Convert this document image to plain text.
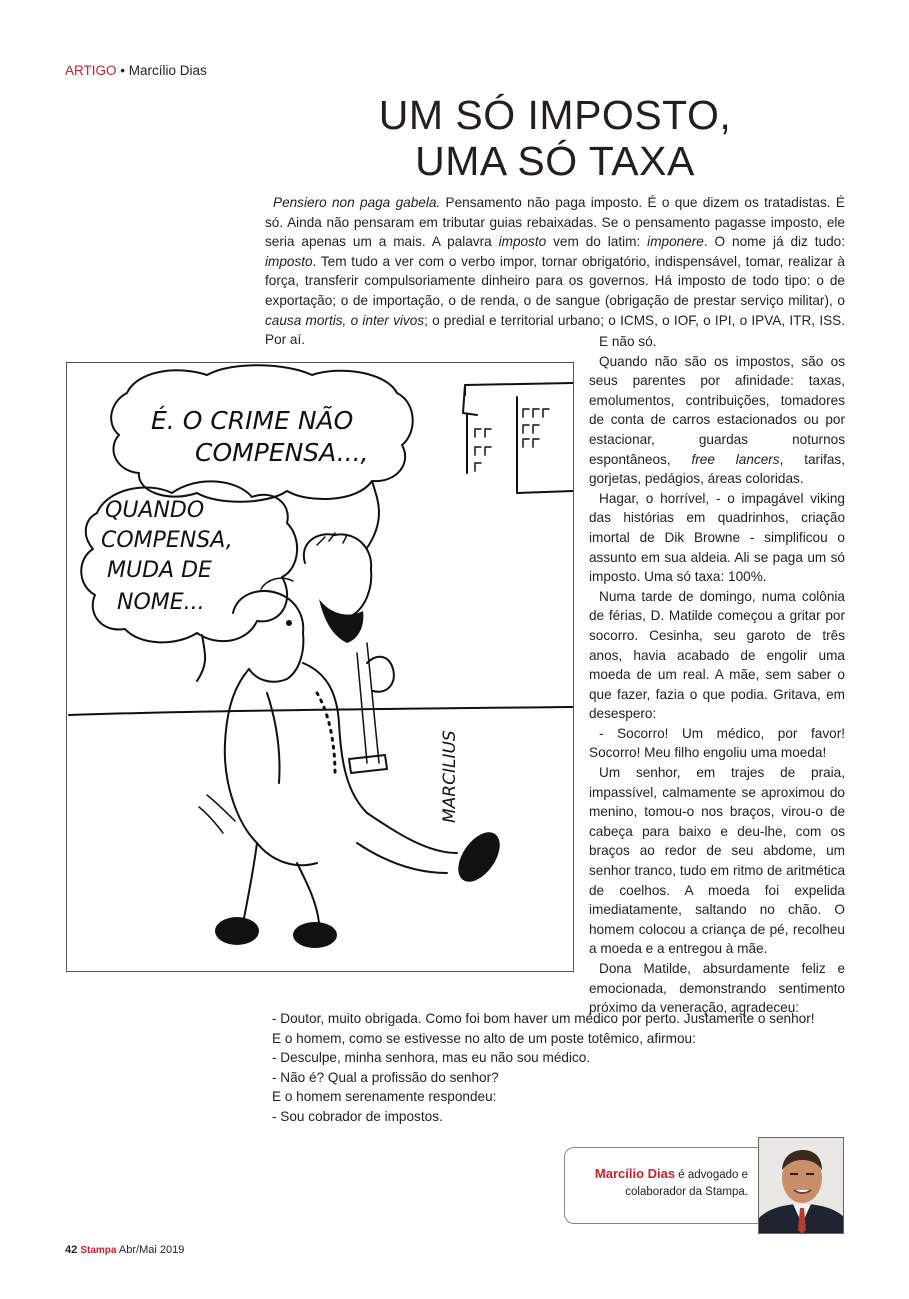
ARTIGO • Marcílio Dias
UM SÓ IMPOSTO,
UMA SÓ TAXA

Pensiero non paga gabela. Pensamento não paga imposto. É o que dizem os tratadistas. É só. Ainda não pensaram em tributar guias rebaixadas. Se o pensamento pagasse imposto, ele seria apenas um a mais. A palavra imposto vem do latim: imponere. O nome já diz tudo: imposto. Tem tudo a ver com o verbo impor, tornar obrigatório, indispensável, tomar, realizar à força, transferir compulsoriamente dinheiro para os governos. Há imposto de todo tipo: o de exportação; o de importação, o de renda, o de sangue (obrigação de prestar serviço militar), o causa mortis, o inter vivos; o predial e territorial urbano; o ICMS, o IOF, o IPI, o IPVA, ITR, ISS. Por aí.	E não só.

Quando não são os impostos, são os seus parentes por afinidade: taxas, emolumentos, contribuições, tomadores de conta de carros estacionados ou por estacionar, guardas noturnos espontâneos, free lancers, tarifas, gorjetas, pedágios, áreas coloridas.

Hagar, o horrível, - o impagável viking das histórias em quadrinhos, criação imortal de Dik Browne - simplificou o assunto em sua aldeia. Ali se paga um só imposto. Uma só taxa: 100%.

Numa tarde de domingo, numa colônia de férias, D. Matilde começou a gritar por socorro. Cesinha, seu garoto de três anos, havia acabado de engolir uma moeda de um real. A mãe, sem saber o que fazer, fazia o que podia. Gritava, em desespero:

- Socorro! Um médico, por favor! Socorro! Meu filho engoliu uma moeda!

Um senhor, em trajes de praia, impassível, calmamente se aproximou do menino, tomou-o nos braços, virou-o de cabeça para baixo e deu-lhe, com os braços ao redor de seu abdome, um senhor tranco, tudo em ritmo de aritmética de coelhos. A moeda foi expelida imediatamente, saltando no chão. O homem colocou a criança de pé, recolheu a moeda e a entregou à mãe.

Dona Matilde, absurdamente feliz e emocionada, demonstrando sentimento próximo da veneração, agradeceu:

- Doutor, muito obrigada. Como foi bom haver um médico por perto. Justamente o senhor!

E o homem, como se estivesse no alto de um poste totêmico, afirmou:

- Desculpe, minha senhora, mas eu não sou médico.

- Não é? Qual a profissão do senhor?

E o homem serenamente respondeu:

- Sou cobrador de impostos.

É. O CRIME NÃO
COMPENSA...,
QUANDO
COMPENSA,
MUDA DE
NOME...
MARCILIUS
Marcílio Dias é advogado e
colaborador da Stampa.
42 Stampa Abr/Mai 2019
